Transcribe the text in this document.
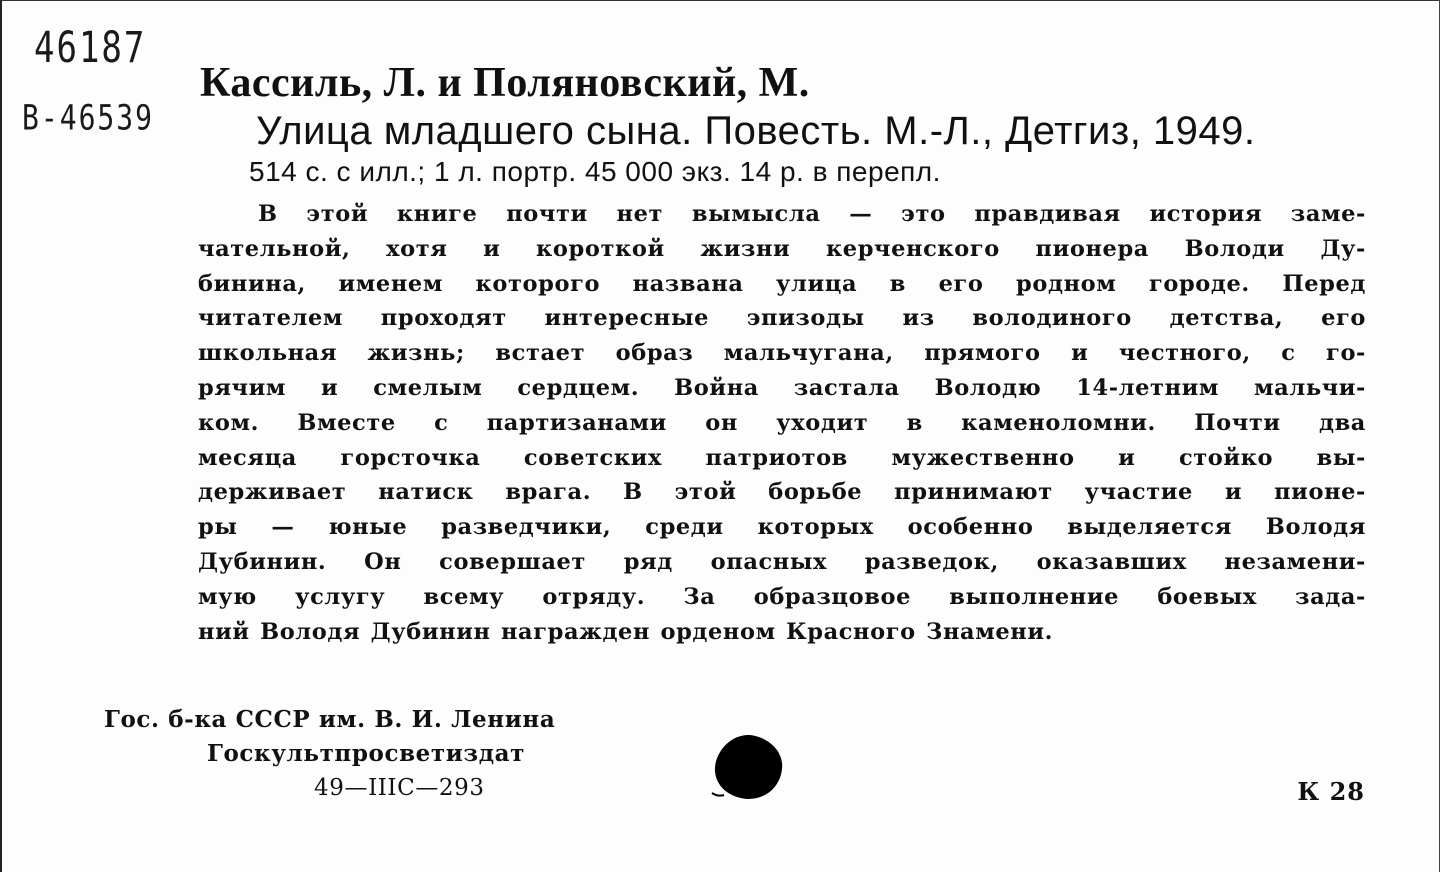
46187
B-46539
Кассиль, Л. и Поляновский, М.
Улица младшего сына. Повесть. М.-Л., Детгиз, 1949.
514 с. с илл.; 1 л. портр. 45 000 экз. 14 р. в перепл.
В этой книге почти нет вымысла — это правдивая история заме-
чательной, хотя и короткой жизни керченского пионера Володи Ду-
бинина, именем которого названа улица в его родном городе. Перед
читателем проходят интересные эпизоды из володиного детства, его
школьная жизнь; встает образ мальчугана, прямого и честного, с го-
рячим и смелым сердцем. Война застала Володю 14-летним мальчи-
ком. Вместе с партизанами он уходит в каменоломни. Почти два
месяца горсточка советских патриотов мужественно и стойко вы-
держивает натиск врага. В этой борьбе принимают участие и пионе-
ры — юные разведчики, среди которых особенно выделяется Володя
Дубинин. Он совершает ряд опасных разведок, оказавших незамени-
мую услугу всему отряду. За образцовое выполнение боевых зада-
ний Володя Дубинин награжден орденом Красного Знамени.
Гос. б-ка СССР им. В. И. Ленина
Госкультпросветиздат
49—IIIС—293	К 28
